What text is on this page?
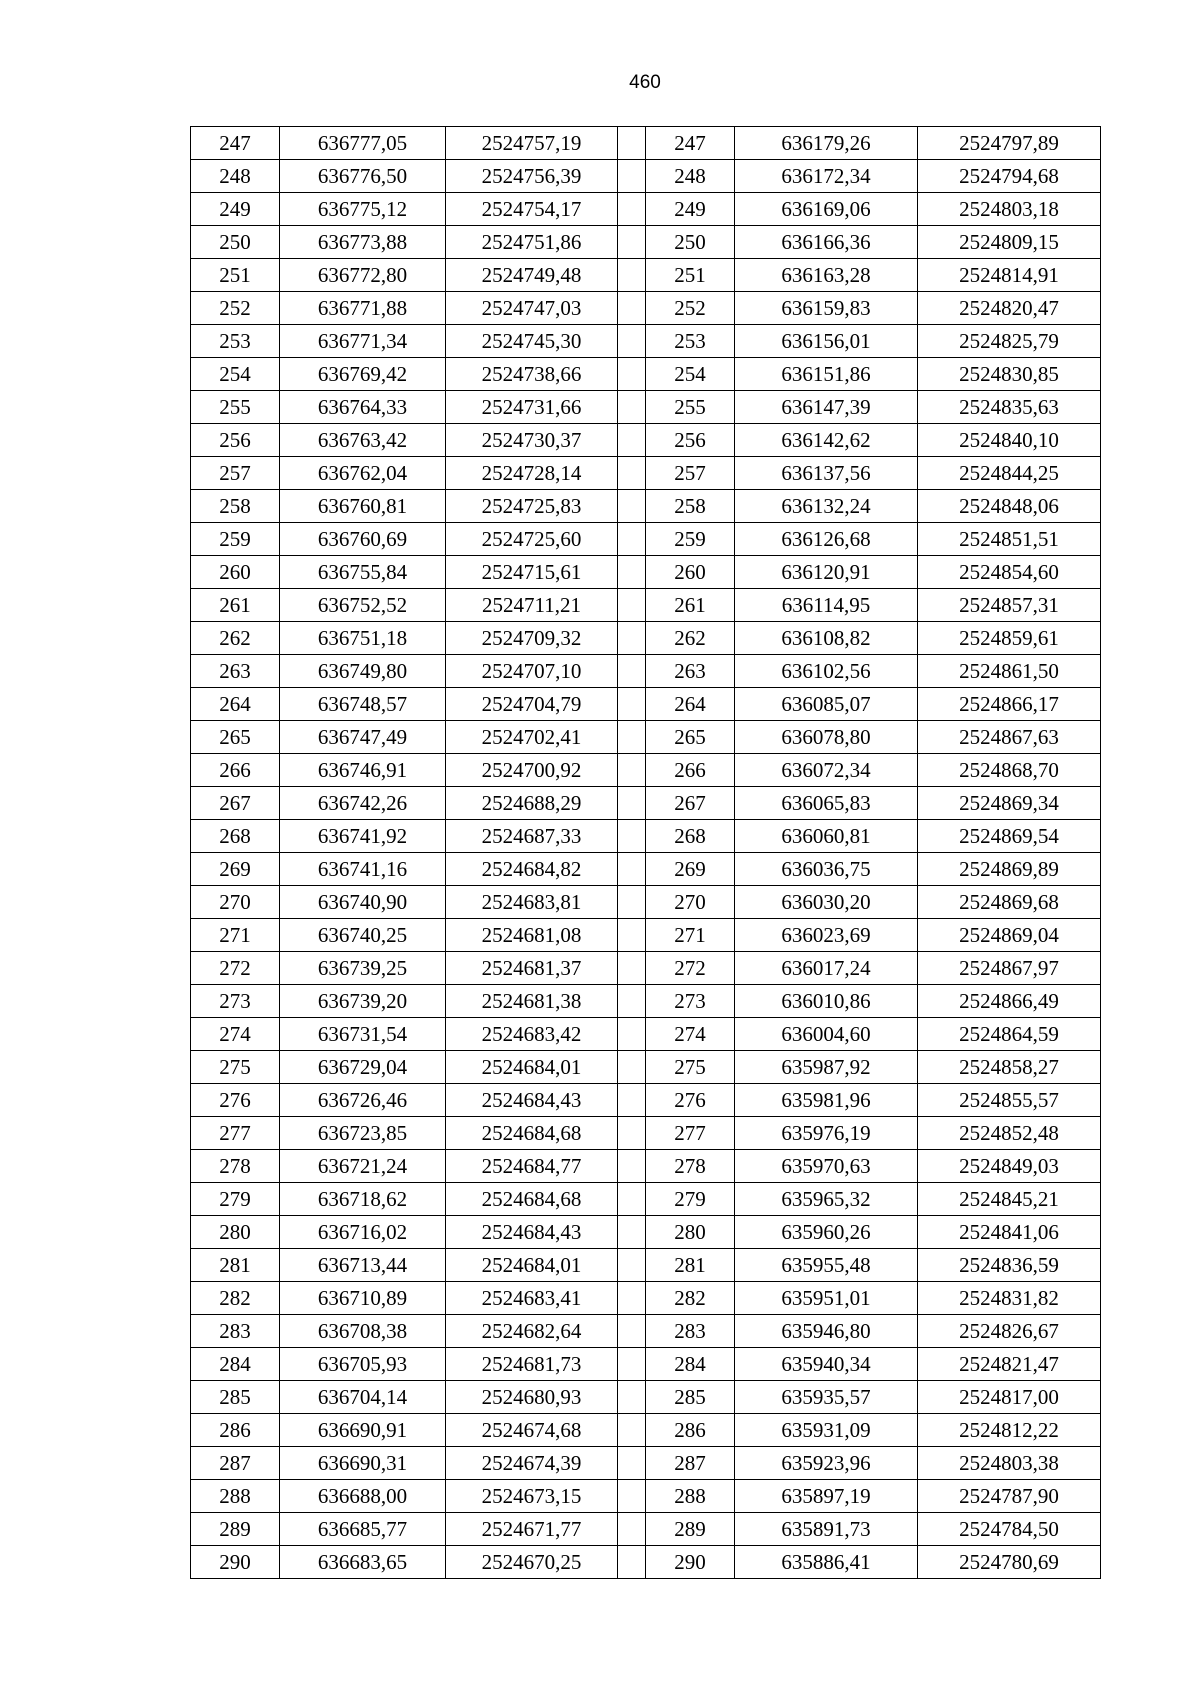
460
247	636777,05	2524757,19		247	636179,26	2524797,89
248	636776,50	2524756,39		248	636172,34	2524794,68
249	636775,12	2524754,17		249	636169,06	2524803,18
250	636773,88	2524751,86		250	636166,36	2524809,15
251	636772,80	2524749,48		251	636163,28	2524814,91
252	636771,88	2524747,03		252	636159,83	2524820,47
253	636771,34	2524745,30		253	636156,01	2524825,79
254	636769,42	2524738,66		254	636151,86	2524830,85
255	636764,33	2524731,66		255	636147,39	2524835,63
256	636763,42	2524730,37		256	636142,62	2524840,10
257	636762,04	2524728,14		257	636137,56	2524844,25
258	636760,81	2524725,83		258	636132,24	2524848,06
259	636760,69	2524725,60		259	636126,68	2524851,51
260	636755,84	2524715,61		260	636120,91	2524854,60
261	636752,52	2524711,21		261	636114,95	2524857,31
262	636751,18	2524709,32		262	636108,82	2524859,61
263	636749,80	2524707,10		263	636102,56	2524861,50
264	636748,57	2524704,79		264	636085,07	2524866,17
265	636747,49	2524702,41		265	636078,80	2524867,63
266	636746,91	2524700,92		266	636072,34	2524868,70
267	636742,26	2524688,29		267	636065,83	2524869,34
268	636741,92	2524687,33		268	636060,81	2524869,54
269	636741,16	2524684,82		269	636036,75	2524869,89
270	636740,90	2524683,81		270	636030,20	2524869,68
271	636740,25	2524681,08		271	636023,69	2524869,04
272	636739,25	2524681,37		272	636017,24	2524867,97
273	636739,20	2524681,38		273	636010,86	2524866,49
274	636731,54	2524683,42		274	636004,60	2524864,59
275	636729,04	2524684,01		275	635987,92	2524858,27
276	636726,46	2524684,43		276	635981,96	2524855,57
277	636723,85	2524684,68		277	635976,19	2524852,48
278	636721,24	2524684,77		278	635970,63	2524849,03
279	636718,62	2524684,68		279	635965,32	2524845,21
280	636716,02	2524684,43		280	635960,26	2524841,06
281	636713,44	2524684,01		281	635955,48	2524836,59
282	636710,89	2524683,41		282	635951,01	2524831,82
283	636708,38	2524682,64		283	635946,80	2524826,67
284	636705,93	2524681,73		284	635940,34	2524821,47
285	636704,14	2524680,93		285	635935,57	2524817,00
286	636690,91	2524674,68		286	635931,09	2524812,22
287	636690,31	2524674,39		287	635923,96	2524803,38
288	636688,00	2524673,15		288	635897,19	2524787,90
289	636685,77	2524671,77		289	635891,73	2524784,50
290	636683,65	2524670,25		290	635886,41	2524780,69
